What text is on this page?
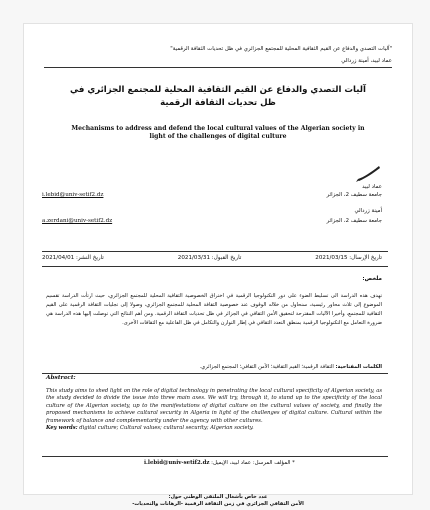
"آليات التصدي والدفاع عن القيم الثقافية المحلية للمجتمع الجزائري في ظل تحديات الثقافة الرقمية"
عماد لبيد، أمينة زردالي
آليات التصدي والدفاع عن القيم الثقافية المحلية للمجتمع الجزائري في ظل تحديات الثقافة الرقمية
Mechanisms to address and defend the local cultural values of the Algerian society in light of the challenges of digital culture
عماد لبيد
i.lebid@univ-setif2.dz	جامعة سطيف 2، الجزائر
أمينة زردالي
a.zerdani@univ-setif2.dz	جامعة سطيف 2، الجزائر
تاريخ الإرسال: 2021/03/15
تاريخ القبول: 2021/03/31
تاريخ النشر: 2021/04/01
ملخص:
تهدف هذه الدراسة الى تسليط الضوء على دور التكنولوجيا الرقمية في اختراق الخصوصية الثقافية المحلية للمجتمع الجزائري، حيث ارتأت الدراسة تقسيم الموضوع إلى ثلاث محاور رئيسية، سنحاول من خلاله الوقوف عند خصوصية الثقافة المحلية للمجتمع الجزائري، وصولا إلى تجليات الثقافة الرقمية على القيم الثقافية للمجتمع، وأخيرا الآليات المقترحة لتحقيق الأمن الثقافي في الجزائر في ظل تحديات الثقافة الرقمية. ومن أهم النتائج التي توصلت إليها هذه الدراسة هي ضرورة التعامل مع التكنولوجيا الرقمية بمنطق التعدد الثقافي في إطار التوازن والتكامل في ظل الفاعلية مع الثقافات الأخرى.
الكلمات المفتاحية: الثقافة الرقمية؛ القيم الثقافية؛ الأمن الثقافي؛ المجتمع الجزائري.
Abstract:
This study aims to shed light on the role of digital technology in penetrating the local cultural specificity of Algerian society, as the study decided to divide the issue into three main axes. We will try, through it, to stand up to the specificity of the local culture of the Algerian society, up to the manifestations of digital culture on the cultural values of society, and finally the proposed mechanisms to achieve cultural security in Algeria in light of the challenges of digital culture. Cultural within the framework of balance and complementarity under the agency with other cultures.
Key words: digital culture; Cultural values; cultural security; Algerian society.
* المؤلف المرسل: عماد لبيد، الإيميل: i.lebid@univ-setif2.dz
عدد خاص بأشغال الملتقى الوطني حول:
الأمن الثقافي الجزائري في زمن الثقافة الرقمية -الرهانات والتحديات-
